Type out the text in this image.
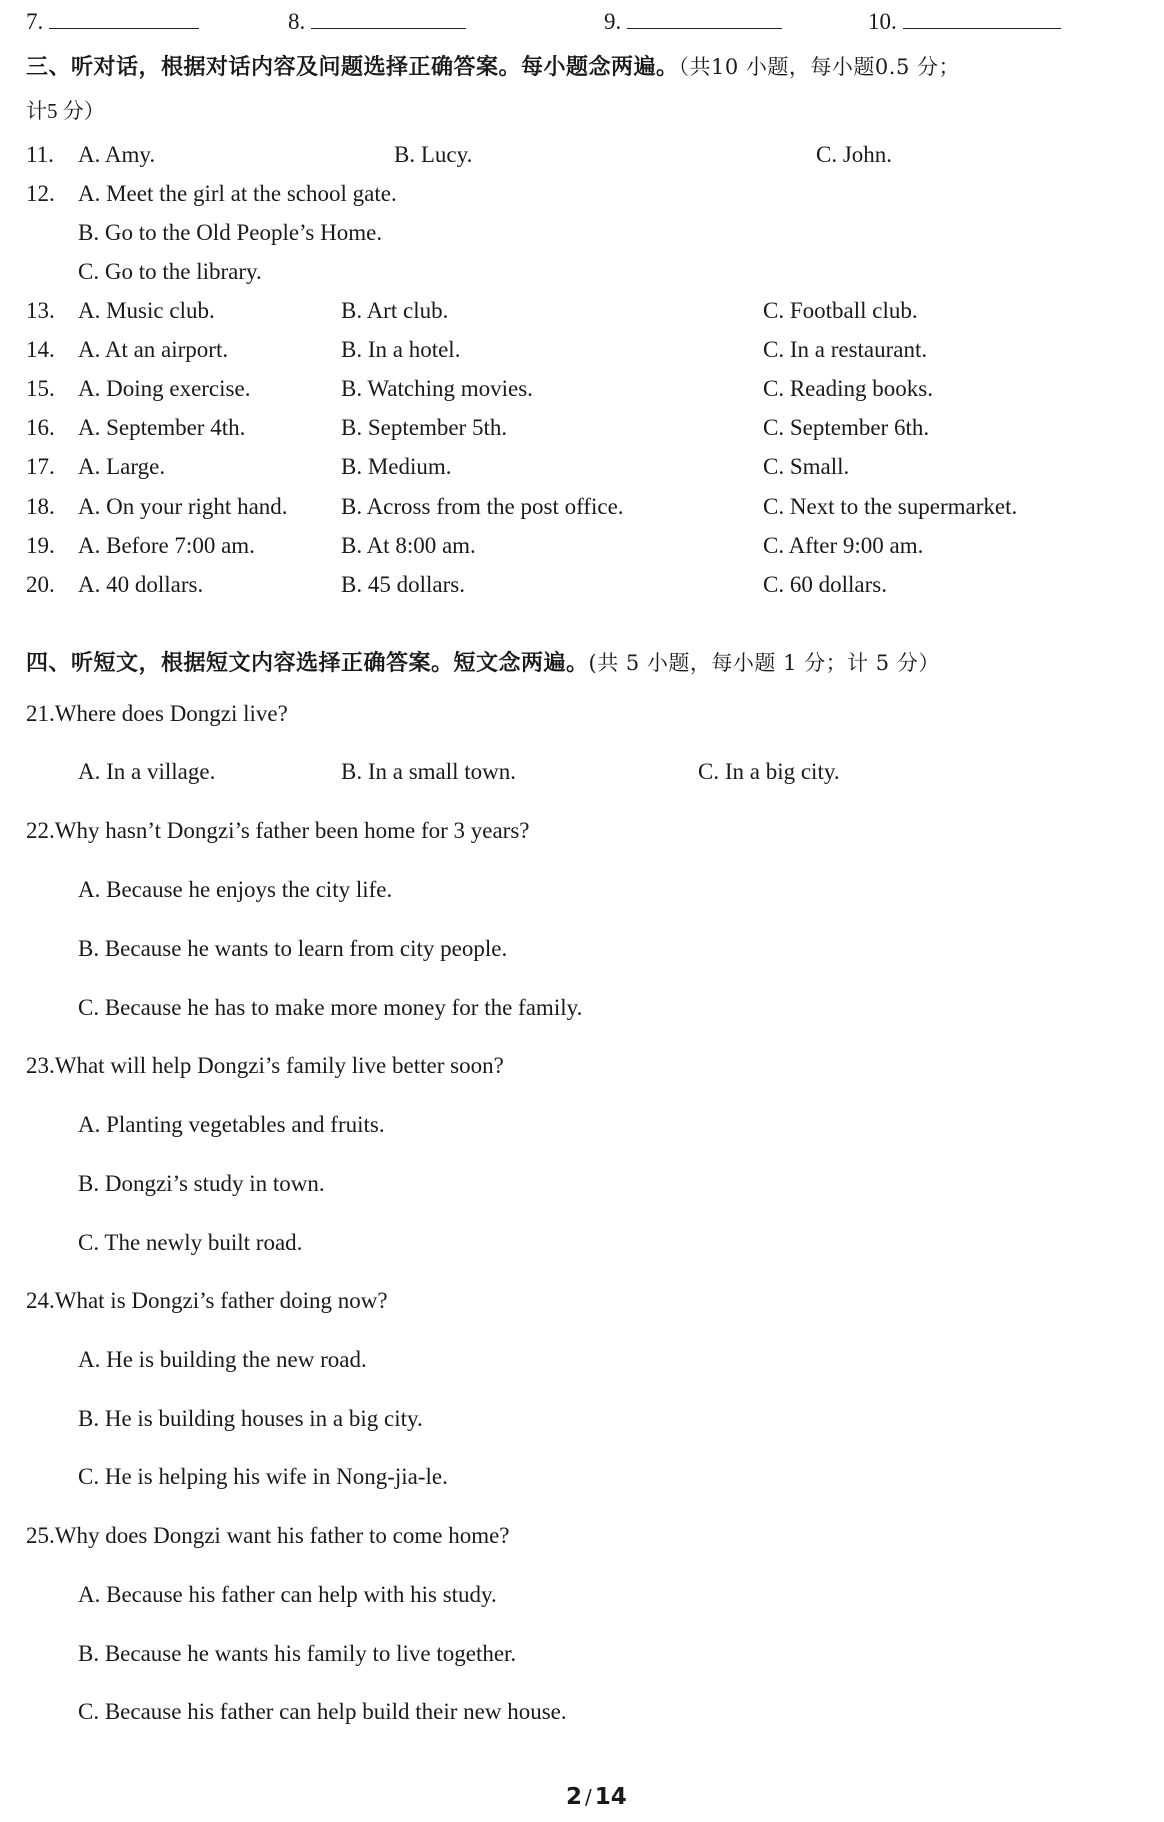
7.	8.	9.	10.
三、听对话，根据对话内容及问题选择正确答案。每小题念两遍。（共10 小题，每小题0.5 分；
计5 分）
11. A. Amy.	B. Lucy.	C. John.
12. A. Meet the girl at the school gate.
B. Go to the Old People’s Home.
C. Go to the library.
13. A. Music club.	B. Art club.	C. Football club.
14. A. At an airport.	B. In a hotel.	C. In a restaurant.
15. A. Doing exercise.	B. Watching movies.	C. Reading books.
16. A. September 4th.	B. September 5th.	C. September 6th.
17. A. Large.	B. Medium.	C. Small.
18. A. On your right hand. B. Across from the post office.	C. Next to the supermarket.
19. A. Before 7:00 am.	B. At 8:00 am.	C. After 9:00 am.
20. A. 40 dollars.	B. 45 dollars.	C. 60 dollars.
四、听短文，根据短文内容选择正确答案。短文念两遍。(共 5 小题，每小题 1 分；计 5 分）
21.Where does Dongzi live?
A. In a village.	B. In a small town.	C. In a big city.
22.Why hasn’t Dongzi’s father been home for 3 years?
A. Because he enjoys the city life.
B. Because he wants to learn from city people.
C. Because he has to make more money for the family.
23.What will help Dongzi’s family live better soon?
A. Planting vegetables and fruits.
B. Dongzi’s study in town.
C. The newly built road.
24.What is Dongzi’s father doing now?
A. He is building the new road.
B. He is building houses in a big city.
C. He is helping his wife in Nong-jia-le.
25.Why does Dongzi want his father to come home?
A. Because his father can help with his study.
B. Because he wants his family to live together.
C. Because his father can help build their new house.
2 / 14
